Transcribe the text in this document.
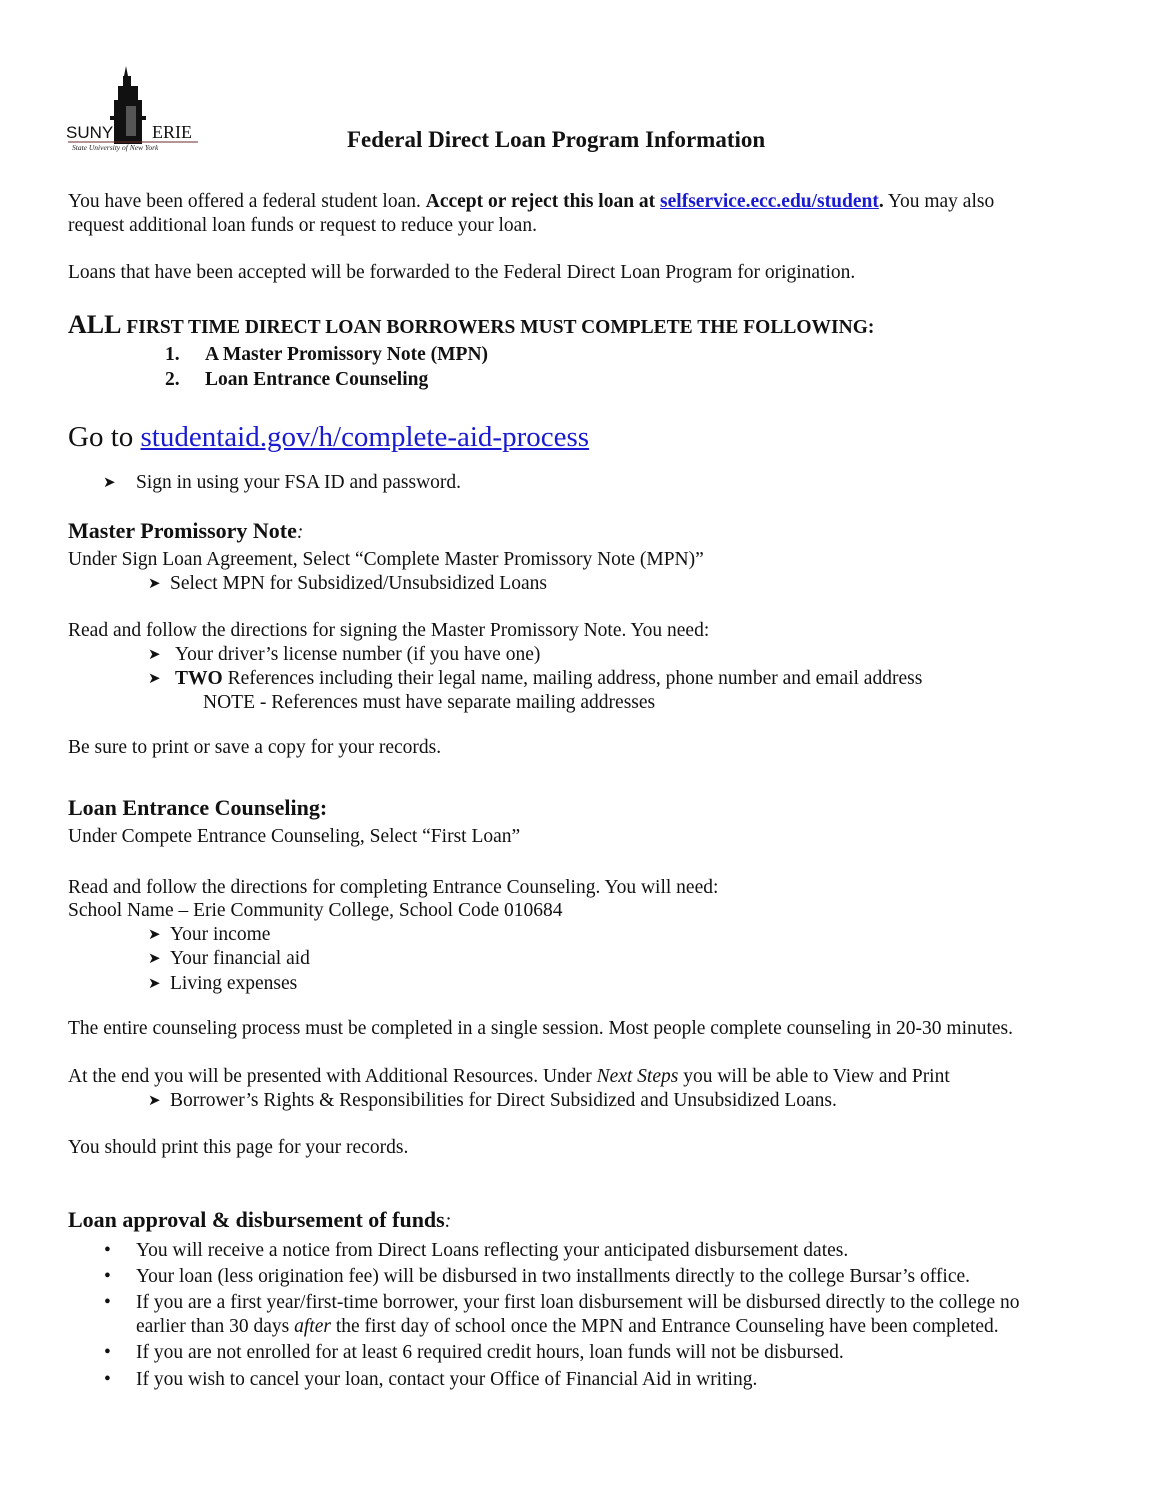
SUNY ERIE
State University of New York	Federal Direct Loan Program Information
You have been offered a federal student loan. Accept or reject this loan at selfservice.ecc.edu/student. You may also
request additional loan funds or request to reduce your loan.
Loans that have been accepted will be forwarded to the Federal Direct Loan Program for origination.
ALL FIRST TIME DIRECT LOAN BORROWERS MUST COMPLETE THE FOLLOWING:
1. A Master Promissory Note (MPN)
2. Loan Entrance Counseling
Go to studentaid.gov/h/complete-aid-process
➤ Sign in using your FSA ID and password.
Master Promissory Note:
Under Sign Loan Agreement, Select “Complete Master Promissory Note (MPN)”
➤ Select MPN for Subsidized/Unsubsidized Loans
Read and follow the directions for signing the Master Promissory Note. You need:
➤ Your driver’s license number (if you have one)
➤ TWO References including their legal name, mailing address, phone number and email address
NOTE - References must have separate mailing addresses
Be sure to print or save a copy for your records.
Loan Entrance Counseling:
Under Compete Entrance Counseling, Select “First Loan”
Read and follow the directions for completing Entrance Counseling. You will need:
School Name – Erie Community College, School Code 010684
➤ Your income
➤ Your financial aid
➤ Living expenses
The entire counseling process must be completed in a single session. Most people complete counseling in 20-30 minutes.
At the end you will be presented with Additional Resources. Under Next Steps you will be able to View and Print
➤ Borrower’s Rights & Responsibilities for Direct Subsidized and Unsubsidized Loans.
You should print this page for your records.
Loan approval & disbursement of funds:
• You will receive a notice from Direct Loans reflecting your anticipated disbursement dates.
• Your loan (less origination fee) will be disbursed in two installments directly to the college Bursar’s office.
• If you are a first year/first-time borrower, your first loan disbursement will be disbursed directly to the college no
earlier than 30 days after the first day of school once the MPN and Entrance Counseling have been completed.
• If you are not enrolled for at least 6 required credit hours, loan funds will not be disbursed.
• If you wish to cancel your loan, contact your Office of Financial Aid in writing.
